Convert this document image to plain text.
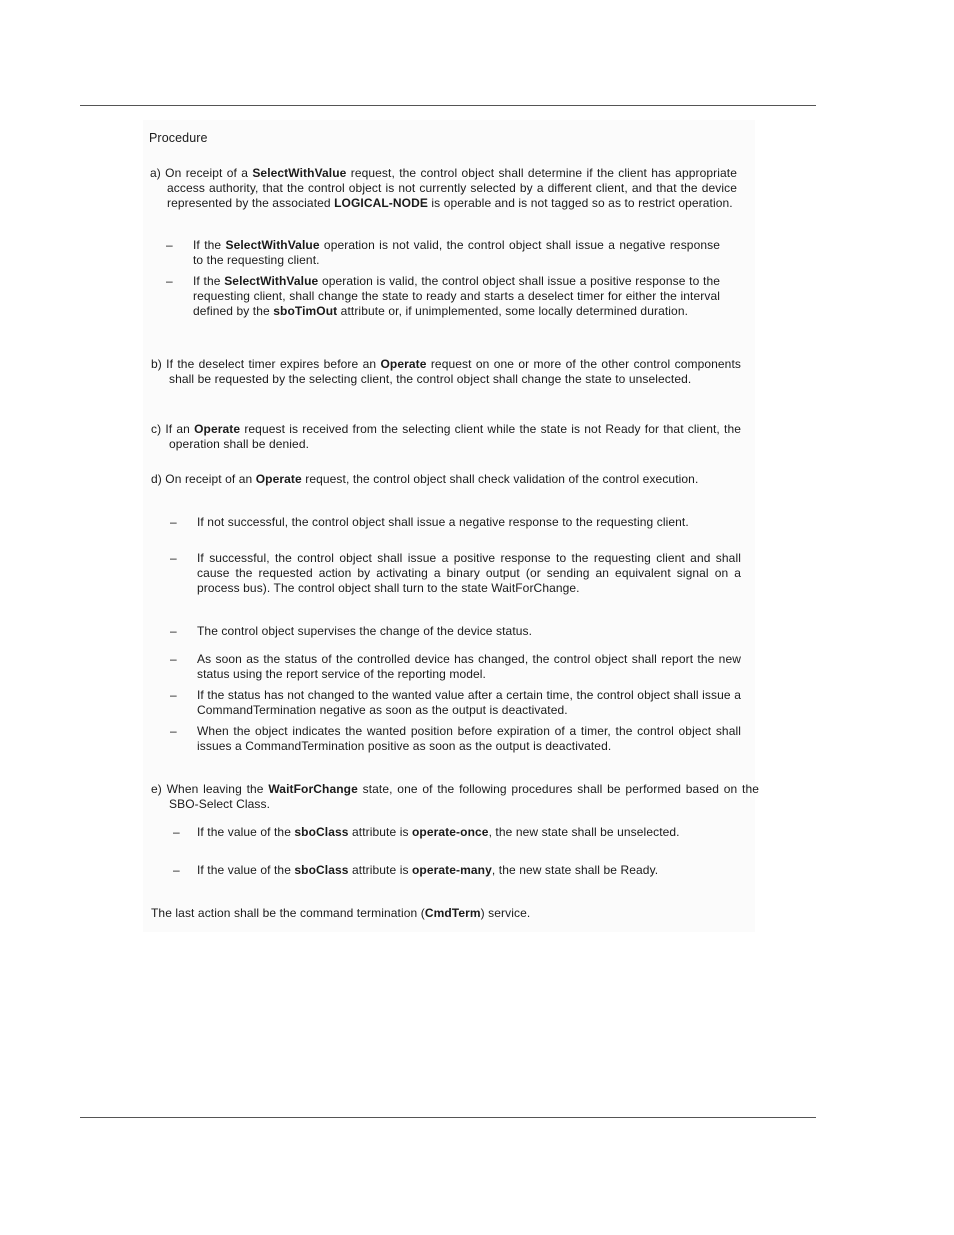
Procedure

a) On receipt of a SelectWithValue request, the control object shall determine if the client has appropriate access authority, that the control object is not currently selected by a different client, and that the device represented by the associated LOGICAL-NODE is operable and is not tagged so as to restrict operation.

– If the SelectWithValue operation is not valid, the control object shall issue a negative response to the requesting client.

– If the SelectWithValue operation is valid, the control object shall issue a positive response to the requesting client, shall change the state to ready and starts a deselect timer for either the interval defined by the sboTimOut attribute or, if unimplemented, some locally determined duration.

b) If the deselect timer expires before an Operate request on one or more of the other control components shall be requested by the selecting client, the control object shall change the state to unselected.

c) If an Operate request is received from the selecting client while the state is not Ready for that client, the operation shall be denied.

d) On receipt of an Operate request, the control object shall check validation of the control execution.

– If not successful, the control object shall issue a negative response to the requesting client.

– If successful, the control object shall issue a positive response to the requesting client and shall cause the requested action by activating a binary output (or sending an equivalent signal on a process bus). The control object shall turn to the state WaitForChange.

– The control object supervises the change of the device status.

– As soon as the status of the controlled device has changed, the control object shall report the new status using the report service of the reporting model.

– If the status has not changed to the wanted value after a certain time, the control object shall issue a CommandTermination negative as soon as the output is deactivated.

– When the object indicates the wanted position before expiration of a timer, the control object shall issues a CommandTermination positive as soon as the output is deactivated.

e) When leaving the WaitForChange state, one of the following procedures shall be performed based on the SBO-Select Class.

– If the value of the sboClass attribute is operate-once, the new state shall be unselected.

– If the value of the sboClass attribute is operate-many, the new state shall be Ready.

The last action shall be the command termination (CmdTerm) service.
